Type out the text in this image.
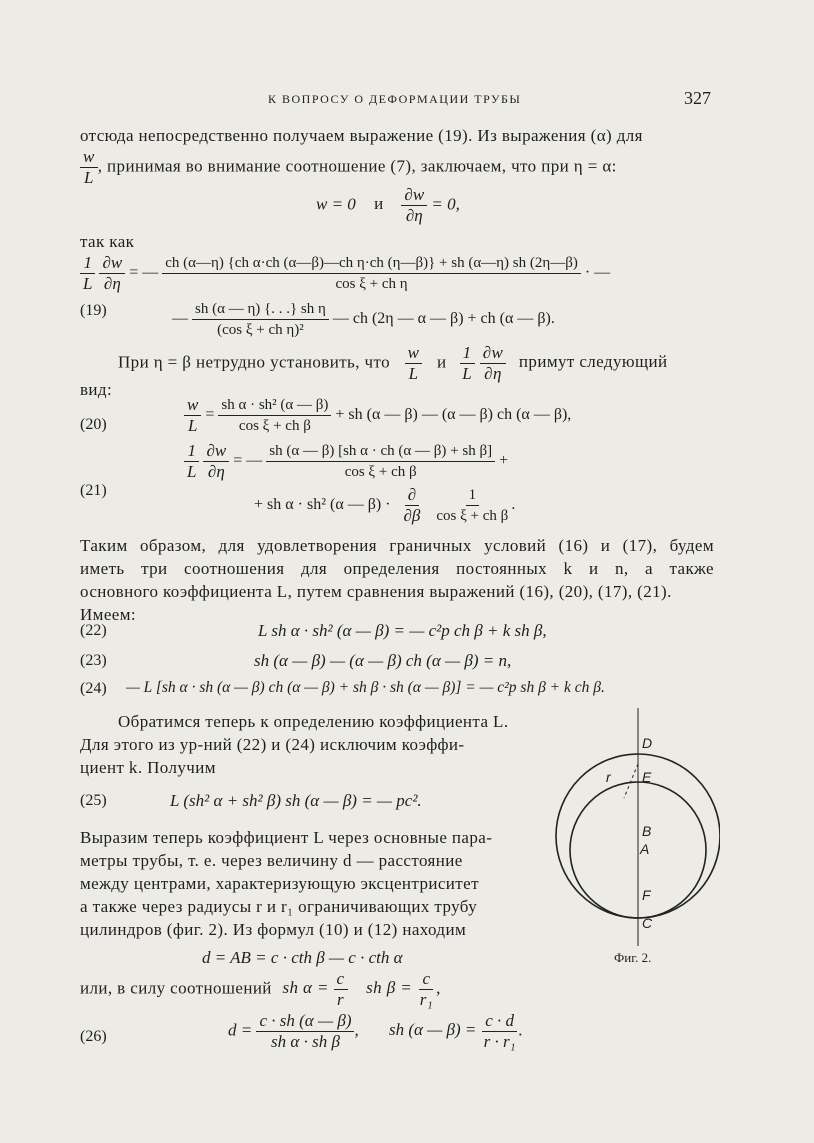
К ВОПРОСУ О ДЕФОРМАЦИИ ТРУБЫ	327
отсюда непосредственно получаем выражение (19). Из выражения (α) для
$\frac{w}{L}$ , принимая во внимание соотношение (7), заключаем, что при η = α:
w = 0 и $\frac{\partial w}{\partial\eta} = 0$,
так как
$\frac{1}{L}$
$\frac{\partial w}{\partial\eta}$ = — $\frac{\text{ch (α—η) \{ch α·ch (α—β)—ch η·ch (η—β)\} + sh (α—η) sh (2η—β)}}{\text{cos ξ + ch η}}$ · —
(19)	— $\frac{\text{sh (α — η) \{. . .\} sh η}}{\text{(cos ξ + ch η)²}}$ — ch (2η — α — β) + ch (α — β).
При η = β нетрудно установить, что $\frac{w}{L}$ и $\frac{1}{L}$
$\frac{\partial w}{\partial\eta}$ примут следующий
вид:
(20)	$\frac{w}{L} = \frac{\text{sh α · sh² (α — β)}}{\text{cos ξ + ch β}}$ + sh (α — β) — (α — β) ch (α — β),
$\frac{1}{L}$
$\frac{\partial w}{\partial\eta}$ = — $\frac{\text{sh (α — β) [sh α · ch (α — β) + sh β]}}{\text{cos ξ + ch β}}$ +
(21)
+ sh α · sh² (α — $\beta) \cdot \frac{\partial}{\partial\beta}$
$\frac{1}{\text{cos ξ + ch β}}$ .
Таким образом, для удовлетворения граничных условий (16) и (17), будем
иметь три соотношения для определения постоянных k и n, а также
основного коэффициента L, путем сравнения выражений (16), (20), (17), (21).
Имеем:
(22)	L sh α · sh² (α — β) = — c²p ch β + k sh β,
(23)	sh (α — β) — (α — β) ch (α — β) = n,
(24) — L [sh α · sh (α — β) ch (α — β) + sh β · sh (α — β)] = — c²p sh β + k ch β.
Обратимся теперь к определению коэффициента L.
Для этого из ур-ний (22) и (24) исключим коэффи-
циент k. Получим
(25)	L (sh² α + sh² β) sh (α — β) = — pc².
Выразим теперь коэффициент L через основные пара-
метры трубы, т. е. через величину d — расстояние
между центрами, характеризующую эксцентриситет
а также через радиусы r и r₁ ограничивающих трубу
цилиндров (фиг. 2). Из формул (10) и (12) находим
d = AB = c · cth β — c · cth α
или, в силу соотношений sh $\alpha = \frac{c}{r}$ sh $\beta = \frac{c}{\text{r₁}}$ ,
(26)	$d = \frac{c \cdot sh (\alpha — \beta)}{\text{sh α · sh β}}$ , sh (α — $\beta) = \frac{c \cdot d}{\text{r · r₁}}$ .
D
E
r
B
A
F
C
Фиг. 2.
